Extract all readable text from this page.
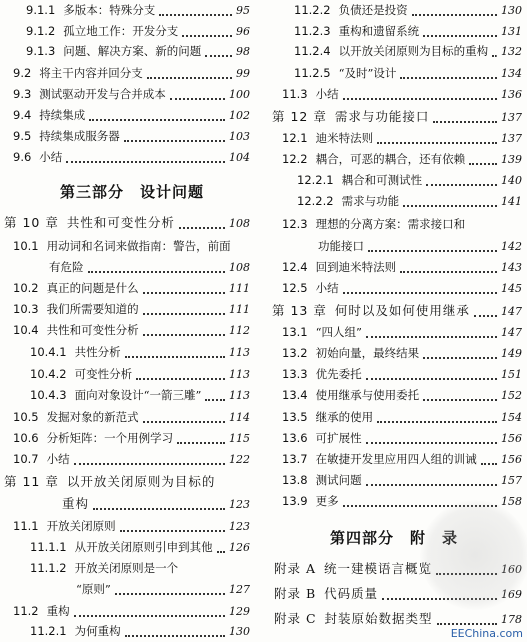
9.1.1 多版本：特殊分支	95
9.1.2 孤立地工作：开发分支	96
9.1.3 问题、解决方案、新的问题	98
9.2 将主干内容并回分支	99
9.3 测试驱动开发与合并成本	100
9.4 持续集成	102
9.5 持续集成服务器	103
9.6 小结	104
第三部分　设计问题
第 10 章 共性和可变性分析	108
10.1 用动词和名词来做指南：警告，前面
有危险	108
10.2 真正的问题是什么	111
10.3 我们所需要知道的	111
10.4 共性和可变性分析	112
10.4.1 共性分析	113
10.4.2 可变性分析	113
10.4.3 面向对象设计“一箭三雕”	113
10.5 发掘对象的新范式	114
10.6 分析矩阵：一个用例学习	115
10.7 小结	122
第 11 章 以开放关闭原则为目标的
重构	123
11.1 开放关闭原则	123
11.1.1 从开放关闭原则引申到其他 126
11.1.2 开放关闭原则是一个
“原则”	127
11.2 重构	129
11.2.1 为何重构	130
11.2.2 负债还是投资	130
11.2.3 重构和遗留系统	131
11.2.4 以开放关闭原则为目标的重构 132
11.2.5 “及时”设计	134
11.3 小结	136
第 12 章 需求与功能接口	137
12.1 迪米特法则	137
12.2 耦合，可恶的耦合，还有依赖	139
12.2.1 耦合和可测试性	140
12.2.2 需求与功能	141
12.3 理想的分离方案：需求接口和
功能接口	142
12.4 回到迪米特法则	143
12.5 小结	145
第 13 章 何时以及如何使用继承	147
13.1 “四人组”	147
13.2 初始向量，最终结果	149
13.3 优先委托	151
13.4 使用继承与使用委托	152
13.5 继承的使用	154
13.6 可扩展性	156
13.7 在敏捷开发里应用四人组的训诫 156
13.8 测试问题	157
13.9 更多	158
第四部分　附　录
附录 A 统一建模语言概览	160
附录 B 代码质量	169
附录 C 封装原始数据类型	178
EEChina.com
